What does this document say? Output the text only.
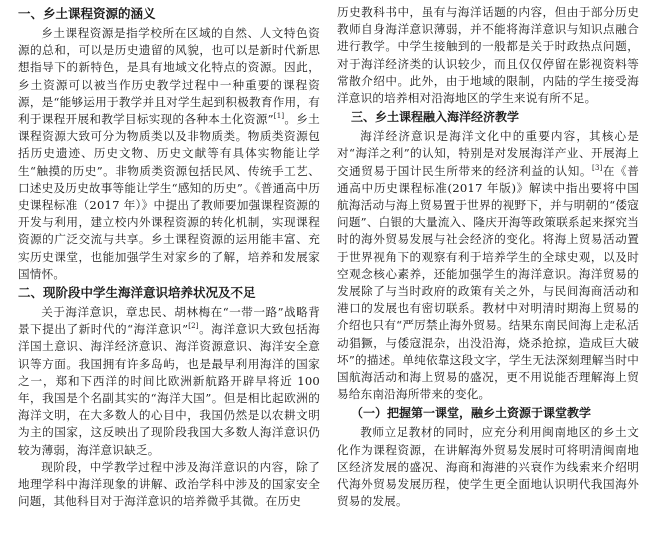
一、乡土课程资源的涵义

乡土课程资源是指学校所在区域的自然、人文特色资源的总和，可以是历史遗留的风貌，也可以是新时代新思想指导下的新特色，是具有地域文化特点的资源。因此，乡土资源可以被当作历史教学过程中一种重要的课程资源，是“能够运用于教学并且对学生起到积极教育作用，有利于课程开展和教学目标实现的各种本土化资源”[1]。乡土课程资源大致可分为物质类以及非物质类。物质类资源包括历史遗迹、历史文物、历史文献等有具体实物能让学生“触摸的历史”。非物质类资源包括民风、传统手工艺、口述史及历史故事等能让学生“感知的历史”。《普通高中历史课程标准（2017 年）》中提出了教师要加强课程资源的开发与利用，建立校内外课程资源的转化机制，实现课程资源的广泛交流与共享。乡土课程资源的运用能丰富、充实历史课堂，也能加强学生对家乡的了解，培养和发展家国情怀。

二、现阶段中学生海洋意识培养状况及不足

关于海洋意识，章忠民、胡林梅在“一带一路”战略背景下提出了新时代的“海洋意识”[2]。海洋意识大致包括海洋国土意识、海洋经济意识、海洋资源意识、海洋安全意识等方面。我国拥有许多岛屿，也是最早利用海洋的国家之一，郑和下西洋的时间比欧洲新航路开辟早将近 100 年，我国是个名副其实的“海洋大国”。但是相比起欧洲的海洋文明，在大多数人的心目中，我国仍然是以农耕文明为主的国家，这反映出了现阶段我国大多数人海洋意识仍较为薄弱，海洋意识缺乏。

现阶段，中学教学过程中涉及海洋意识的内容，除了地理学科中海洋现象的讲解、政治学科中涉及的国家安全问题，其他科目对于海洋意识的培养微乎其微。在历史

历史教科书中，虽有与海洋话题的内容，但由于部分历史教师自身海洋意识薄弱，并不能将海洋意识与知识点融合进行教学。中学生接触到的一般都是关于时政热点问题，对于海洋经济类的认识较少，而且仅仅停留在影视资料等常散介绍中。此外，由于地域的限制，内陆的学生接受海洋意识的培养相对沿海地区的学生来说有所不足。

三、乡土课程融入海洋经济教学

海洋经济意识是海洋文化中的重要内容，其核心是对“海洋之利”的认知，特别是对发展海洋产业、开展海上交通贸易于国计民生所带来的经济利益的认知。[3]在《普通高中历史课程标准(2017 年版)》解读中指出要将中国航海活动与海上贸易置于世界的视野下，并与明朝的“倭寇问题”、白银的大量流入、隆庆开海等政策联系起来探究当时的海外贸易发展与社会经济的变化。将海上贸易活动置于世界视角下的观察有利于培养学生的全球史观，以及时空观念核心素养，还能加强学生的海洋意识。海洋贸易的发展除了与当时政府的政策有关之外，与民间海商活动和港口的发展也有密切联系。教材中对明清时期海上贸易的介绍也只有“严厉禁止海外贸易。结果东南民间海上走私活动猖獗，与倭寇混杂，出没沿海，烧杀抢掠，造成巨大破坏”的描述。单纯依靠这段文字，学生无法深刻理解当时中国航海活动和海上贸易的盛况，更不用说能否理解海上贸易给东南沿海所带来的变化。

（一）把握第一课堂，融乡土资源于课堂教学

教师立足教材的同时，应充分利用闽南地区的乡土文化作为课程资源，在讲解海外贸易发展时可将明清闽南地区经济发展的盛况、海商和海港的兴衰作为线索来介绍明代海外贸易发展历程，使学生更全面地认识明代我国海外贸易的发展。
